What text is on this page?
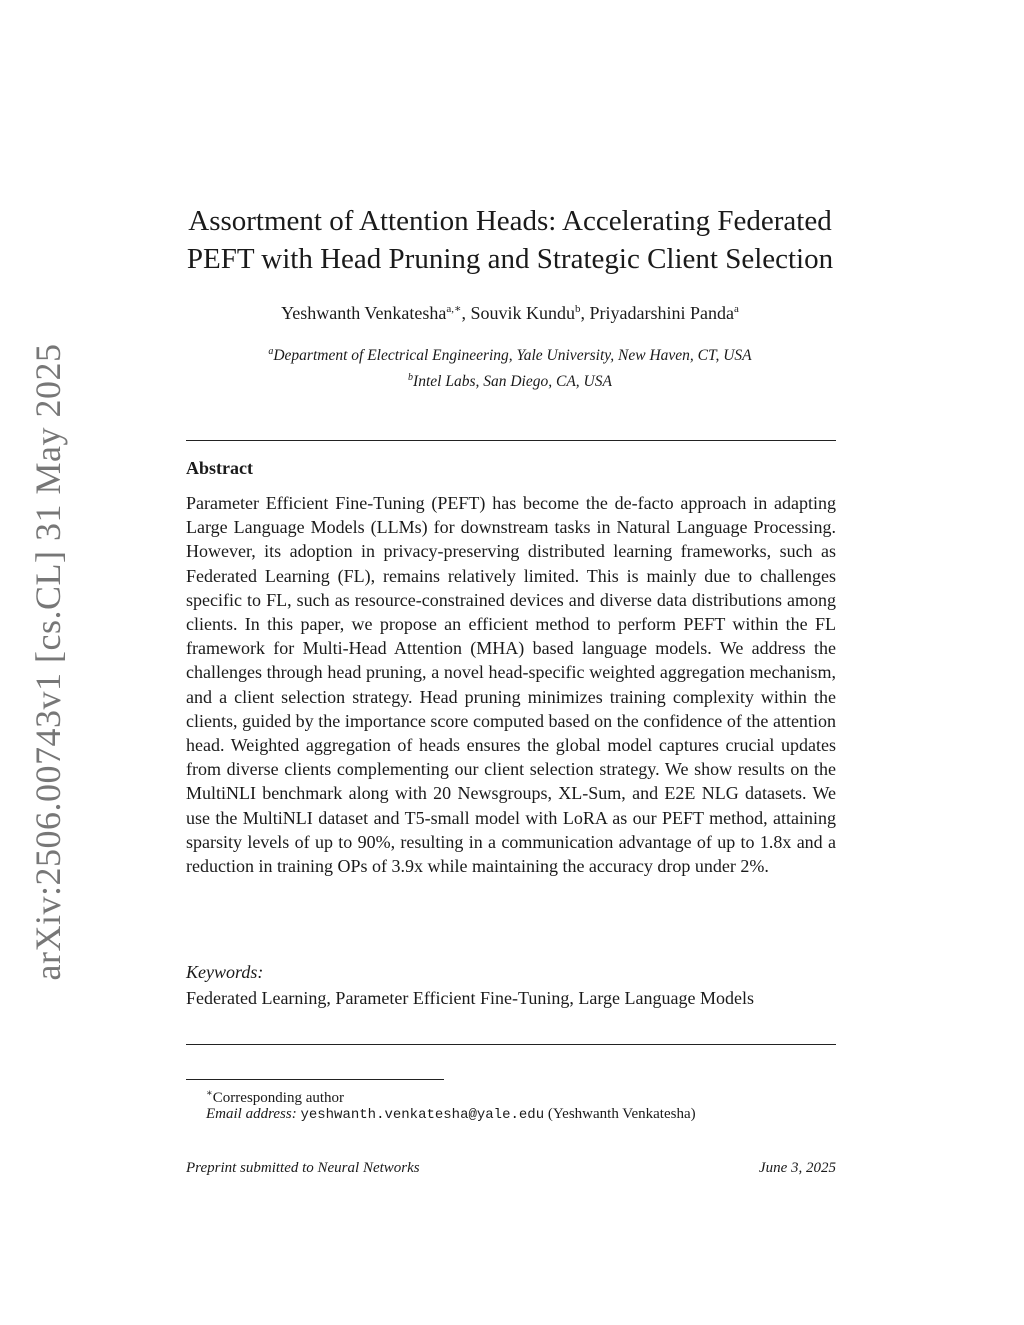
arXiv:2506.00743v1 [cs.CL] 31 May 2025
Assortment of Attention Heads: Accelerating Federated
PEFT with Head Pruning and Strategic Client Selection
Yeshwanth Venkatesha$^{a,∗}$, Souvik Kundu$^b$, Priyadarshini Panda$^a$
$^a$Department of Electrical Engineering, Yale University, New Haven, CT, USA
$^b$Intel Labs, San Diego, CA, USA
Abstract

Parameter Efficient Fine-Tuning (PEFT) has become the de-facto approach in adapting Large Language Models (LLMs) for downstream tasks in Natural Language Processing. However, its adoption in privacy-preserving distributed learning frameworks, such as Federated Learning (FL), remains relatively limited. This is mainly due to challenges specific to FL, such as resource-constrained devices and diverse data distributions among clients. In this paper, we propose an efficient method to perform PEFT within the FL framework for Multi-Head Attention (MHA) based language models. We address the challenges through head pruning, a novel head-specific weighted aggregation mechanism, and a client selection strategy. Head pruning minimizes training complexity within the clients, guided by the importance score computed based on the confidence of the attention head. Weighted aggregation of heads ensures the global model captures crucial updates from diverse clients complementing our client selection strategy. We show results on the MultiNLI benchmark along with 20 Newsgroups, XL-Sum, and E2E NLG datasets. We use the MultiNLI dataset and T5-small model with LoRA as our PEFT method, attaining sparsity levels of up to 90%, resulting in a communication advantage of up to 1.8x and a reduction in training OPs of 3.9x while maintaining the accuracy drop under 2%.

Keywords:
Federated Learning, Parameter Efficient Fine-Tuning, Large Language Models
∗Corresponding author
Email address: yeshwanth.venkatesha@yale.edu (Yeshwanth Venkatesha)
Preprint submitted to Neural Networks	June 3, 2025
